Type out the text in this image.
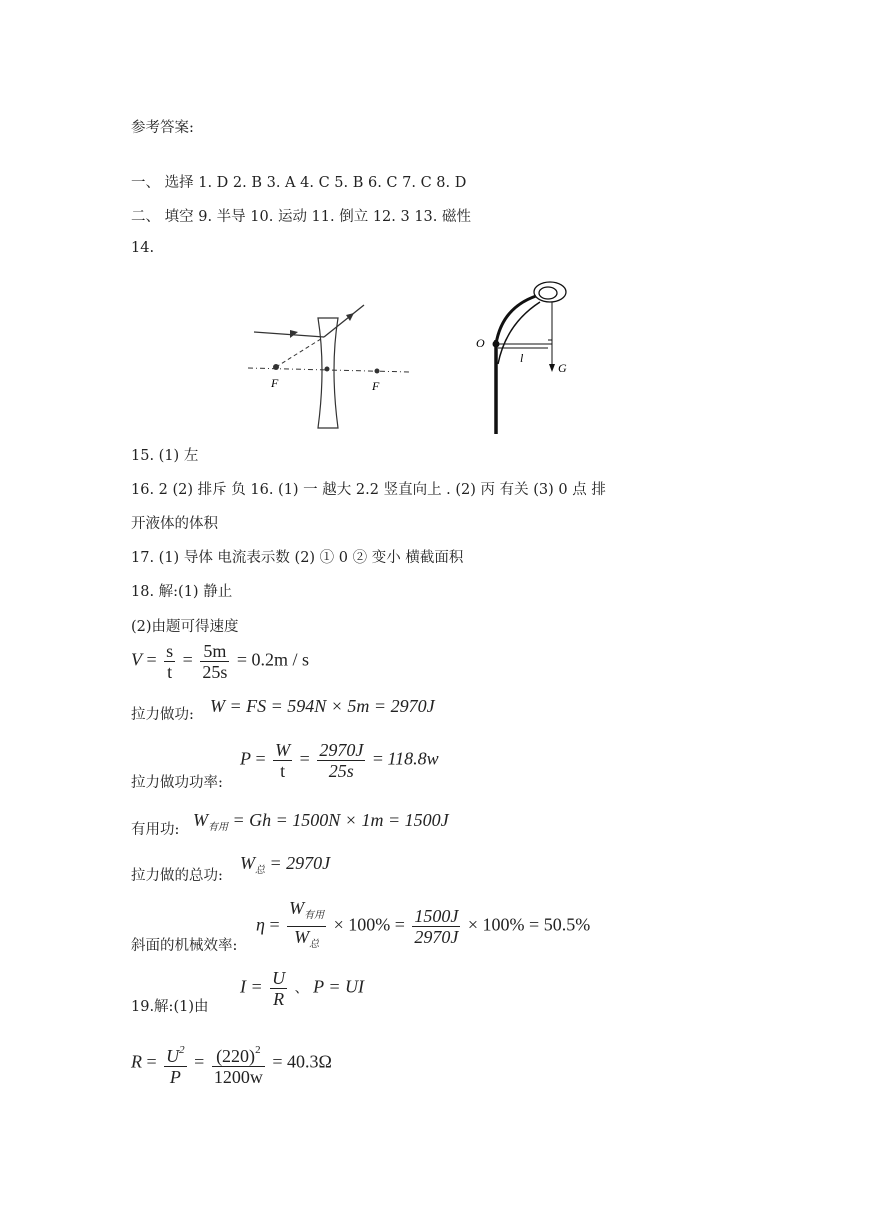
参考答案:
一、 选择 1. D 2. B 3. A 4. C 5. B 6. C 7. C 8. D
二、 填空 9. 半导 10. 运动 11. 倒立 12. 3 13. 磁性
14.
F	F
O
l
G
15. (1) 左
16. 2 (2) 排斥 负 16. (1) 一 越大 2.2 竖直向上 . (2) 丙 有关 (3) 0 点 排
开液体的体积
17. (1) 导体 电流表示数 (2) ① 0 ② 变小 横截面积
18. 解:(1) 静止
(2)由题可得速度
$V = \frac{s}{t} = \frac{5m}{25s} = 0.2m / s$
拉力做功: W = FS = 594N × 5m = 2970J
$P = \frac{W}{t} = \frac{2970J}{25s} = 118.8w$
拉力做功功率:
有用功: $W_{有用} = Gh = 1500N \times 1m = 1500J$
拉力做的总功:
$W_总 = 2970J$
$\eta = \frac{W_{有用}}{W_总} \times 100\% = \frac{1500J}{2970J} \times 100\% = 50.5\%$
斜面的机械效率:
19.解:(1)由
$I = \frac{U}{R}$ 、 P = UI
$R = \frac{U^2}{P} = \frac{(220)^2}{1200w} = 40.3\Omega$
